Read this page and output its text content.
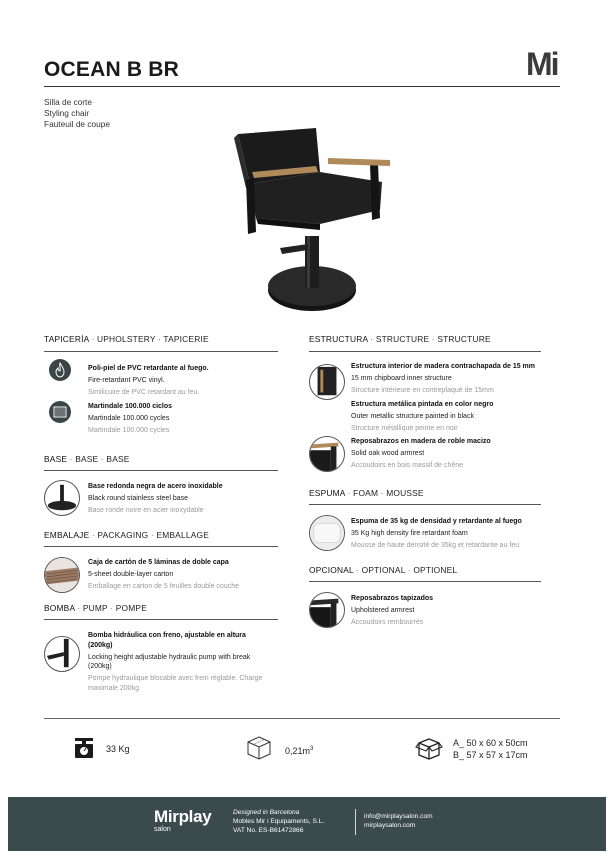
OCEAN B BR	Mi
Silla de corte
Styling chair
Fauteuil de coupe
TAPICERÍA · UPHOLSTERY · TAPICERIE
Poli-piel de PVC retardante al fuego.
Fire-retardant PVC vinyl.
Similicuire de PVC retardant au feu.
Martindale 100.000 ciclos
Martindale 100.000 cycles
Martindale 100.000 cycles
BASE · BASE · BASE
Base redonda negra de acero inoxidable
Black round stainless steel base
Base ronde noire en acier inoxydable
EMBALAJE · PACKAGING · EMBALLAGE
Caja de cartón de 5 láminas de doble capa
5-sheet double-layer carton
Emballage en carton de 5 feuilles double couche
BOMBA · PUMP · POMPE
Bomba hidráulica con freno, ajustable en altura
(200kg)
Locking height adjustable hydraulic pump with break
(200kg)
Pompe hydraulique blocable avec frein réglable. Charge
maximale 200kg
ESTRUCTURA · STRUCTURE · STRUCTURE
Estructura interior de madera contrachapada de 15 mm
15 mm chipboard inner structure
Structure intérieure en contreplaqué de 15mm
Estructura metálica pintada en color negro
Outer metallic structure painted in black
Structure métallique peinte en noir
Reposabrazos en madera de roble macizo
Solid oak wood armrest
Accoudoirs en bois massif de chêne
ESPUMA · FOAM · MOUSSE
Espuma de 35 kg de densidad y retardante al fuego
35 Kg high density fire retardant foam
Mousse de haute densité de 35kg et retardante au feu
OPCIONAL · OPTIONAL · OPTIONEL
Reposabrazos tapizados
Upholstered armrest
Accoudoirs rembourrés
33 Kg	$0,21m^3$
A_ 50 x 60 x 50cm
B_ 57 x 57 x 17cm
Mirplay
salon
Designed in Barcelona
Mobles Mir i Equipaments, S.L.
VAT No. ES-B61472866
info@mirplaysalon.com
mirplaysalon.com
